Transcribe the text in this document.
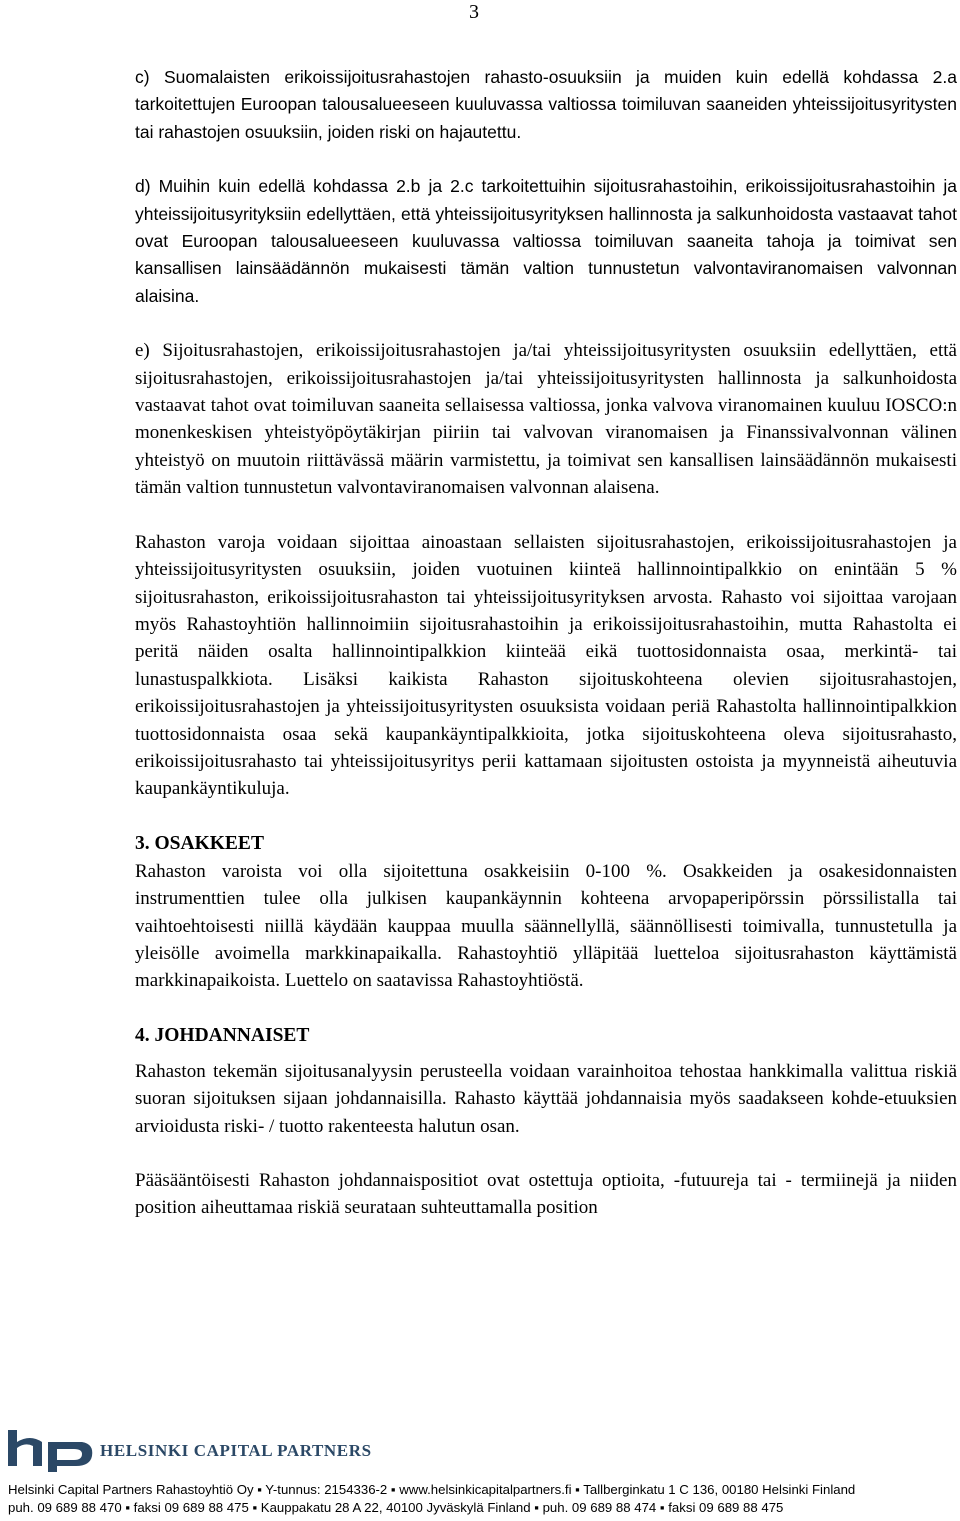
3

c) Suomalaisten erikoissijoitusrahastojen rahasto-osuuksiin ja muiden kuin edellä kohdassa 2.a tarkoitettujen Euroopan talousalueeseen kuuluvassa valtiossa toimiluvan saaneiden yhteissijoitusyritysten tai rahastojen osuuksiin, joiden riski on hajautettu.

d) Muihin kuin edellä kohdassa 2.b ja 2.c tarkoitettuihin sijoitusrahastoihin, erikoissijoitusrahastoihin ja yhteissijoitusyrityksiin edellyttäen, että yhteissijoitusyrityksen hallinnosta ja salkunhoidosta vastaavat tahot ovat Euroopan talousalueeseen kuuluvassa valtiossa toimiluvan saaneita tahoja ja toimivat sen kansallisen lainsäädännön mukaisesti tämän valtion tunnustetun valvontaviranomaisen valvonnan alaisina.

e) Sijoitusrahastojen, erikoissijoitusrahastojen ja/tai yhteissijoitusyritysten osuuksiin edellyttäen, että sijoitusrahastojen, erikoissijoitusrahastojen ja/tai yhteissijoitusyritysten hallinnosta ja salkunhoidosta vastaavat tahot ovat toimiluvan saaneita sellaisessa valtiossa, jonka valvova viranomainen kuuluu IOSCO:n monenkeskisen yhteistyöpöytäkirjan piiriin tai valvovan viranomaisen ja Finanssivalvonnan välinen yhteistyö on muutoin riittävässä määrin varmistettu, ja toimivat sen kansallisen lainsäädännön mukaisesti tämän valtion tunnustetun valvontaviranomaisen valvonnan alaisena.

Rahaston varoja voidaan sijoittaa ainoastaan sellaisten sijoitusrahastojen, erikoissijoitusrahastojen ja yhteissijoitusyritysten osuuksiin, joiden vuotuinen kiinteä hallinnointipalkkio on enintään 5 % sijoitusrahaston, erikoissijoitusrahaston tai yhteissijoitusyrityksen arvosta. Rahasto voi sijoittaa varojaan myös Rahastoyhtiön hallinnoimiin sijoitusrahastoihin ja erikoissijoitusrahastoihin, mutta Rahastolta ei peritä näiden osalta hallinnointipalkkion kiinteää eikä tuottosidonnaista osaa, merkintä- tai lunastuspalkkiota. Lisäksi kaikista Rahaston sijoituskohteena olevien sijoitusrahastojen, erikoissijoitusrahastojen ja yhteissijoitusyritysten osuuksista voidaan periä Rahastolta hallinnointipalkkion tuottosidonnaista osaa sekä kaupankäyntipalkkioita, jotka sijoituskohteena oleva sijoitusrahasto, erikoissijoitusrahasto tai yhteissijoitusyritys perii kattamaan sijoitusten ostoista ja myynneistä aiheutuvia kaupankäyntikuluja.

3. OSAKKEET

Rahaston varoista voi olla sijoitettuna osakkeisiin 0-100 %. Osakkeiden ja osakesidonnaisten instrumenttien tulee olla julkisen kaupankäynnin kohteena arvopaperipörssin pörssilistalla tai vaihtoehtoisesti niillä käydään kauppaa muulla säännellyllä, säännöllisesti toimivalla, tunnustetulla ja yleisölle avoimella markkinapaikalla. Rahastoyhtiö ylläpitää luetteloa sijoitusrahaston käyttämistä markkinapaikoista. Luettelo on saatavissa Rahastoyhtiöstä.

4. JOHDANNAISET

Rahaston tekemän sijoitusanalyysin perusteella voidaan varainhoitoa tehostaa hankkimalla valittua riskiä suoran sijoituksen sijaan johdannaisilla. Rahasto käyttää johdannaisia myös saadakseen kohde-etuuksien arvioidusta riski- / tuotto rakenteesta halutun osan.

Pääsääntöisesti Rahaston johdannaispositiot ovat ostettuja optioita, -futuureja tai - termiinejä ja niiden position aiheuttamaa riskiä seurataan suhteuttamalla position

HELSINKI CAPITAL PARTNERS
Helsinki Capital Partners Rahastoyhtiö Oy ▪ Y-tunnus: 2154336-2 ▪ www.helsinkicapitalpartners.fi ▪ Tallberginkatu 1 C 136, 00180 Helsinki Finland
puh. 09 689 88 470 ▪ faksi 09 689 88 475 ▪ Kauppakatu 28 A 22, 40100 Jyväskylä Finland ▪ puh. 09 689 88 474 ▪ faksi 09 689 88 475
